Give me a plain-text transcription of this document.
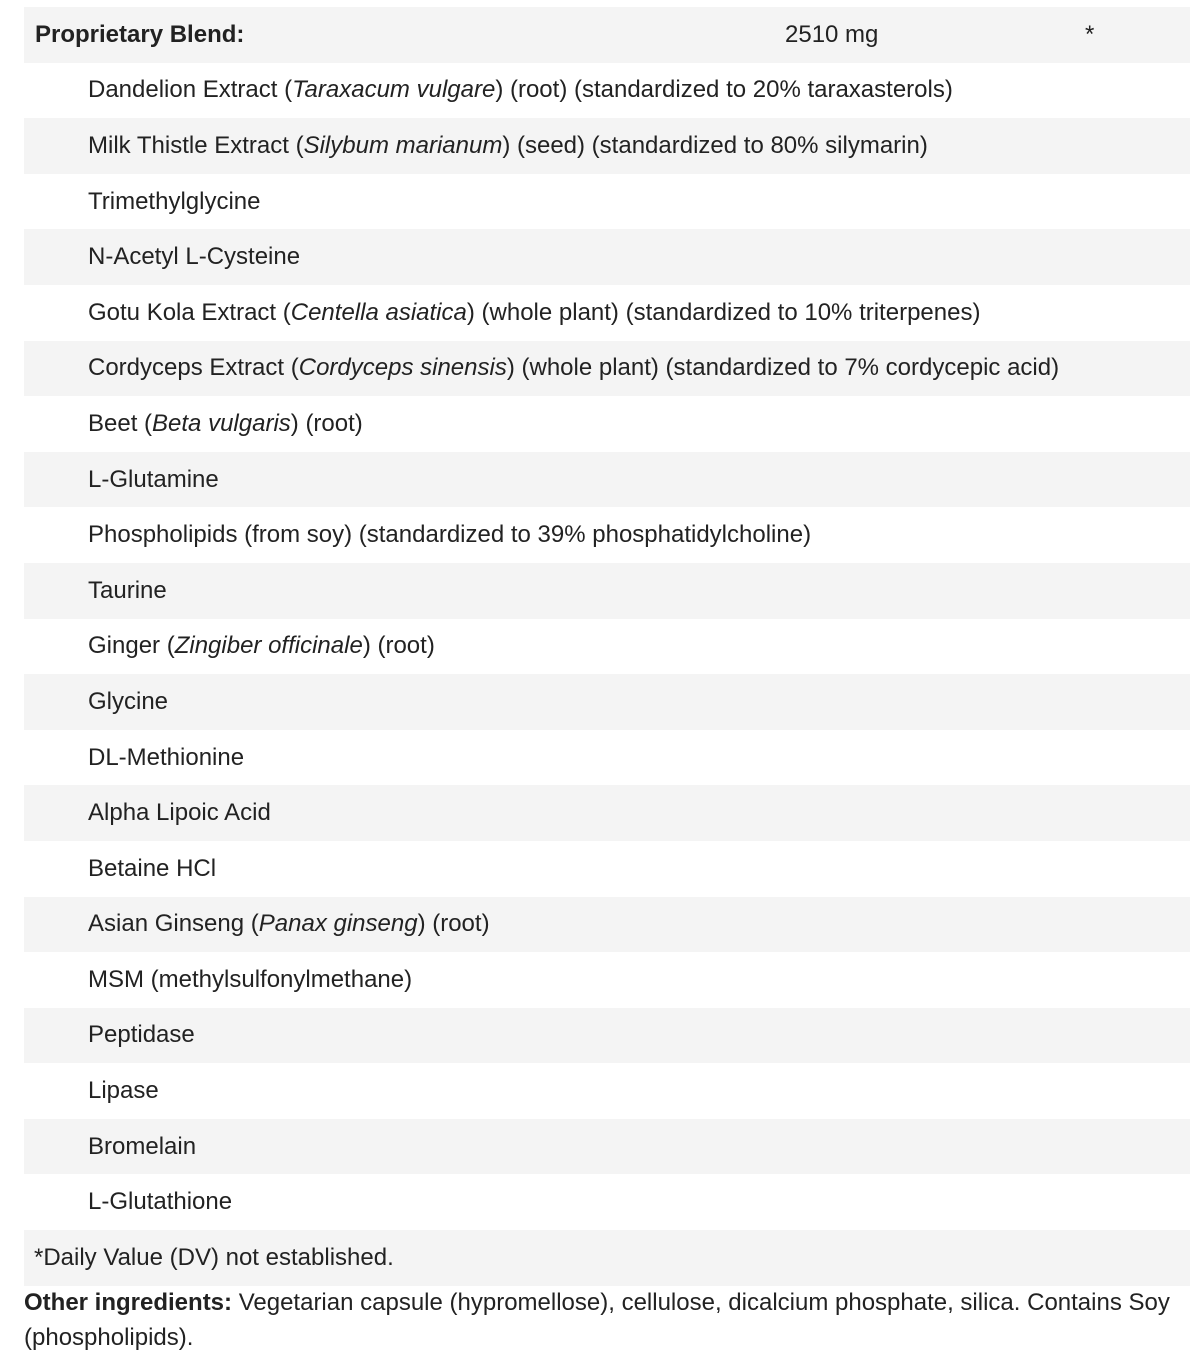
Proprietary Blend:	2510 mg	*
Dandelion Extract (Taraxacum vulgare) (root) (standardized to 20% taraxasterols)
Milk Thistle Extract (Silybum marianum) (seed) (standardized to 80% silymarin)
Trimethylglycine
N-Acetyl L-Cysteine
Gotu Kola Extract (Centella asiatica) (whole plant) (standardized to 10% triterpenes)
Cordyceps Extract (Cordyceps sinensis) (whole plant) (standardized to 7% cordycepic acid)
Beet (Beta vulgaris) (root)
L-Glutamine
Phospholipids (from soy) (standardized to 39% phosphatidylcholine)
Taurine
Ginger (Zingiber officinale) (root)
Glycine
DL-Methionine
Alpha Lipoic Acid
Betaine HCl
Asian Ginseng (Panax ginseng) (root)
MSM (methylsulfonylmethane)
Peptidase
Lipase
Bromelain
L-Glutathione
*Daily Value (DV) not established.
Other ingredients: Vegetarian capsule (hypromellose), cellulose, dicalcium phosphate, silica. Contains Soy (phospholipids).
